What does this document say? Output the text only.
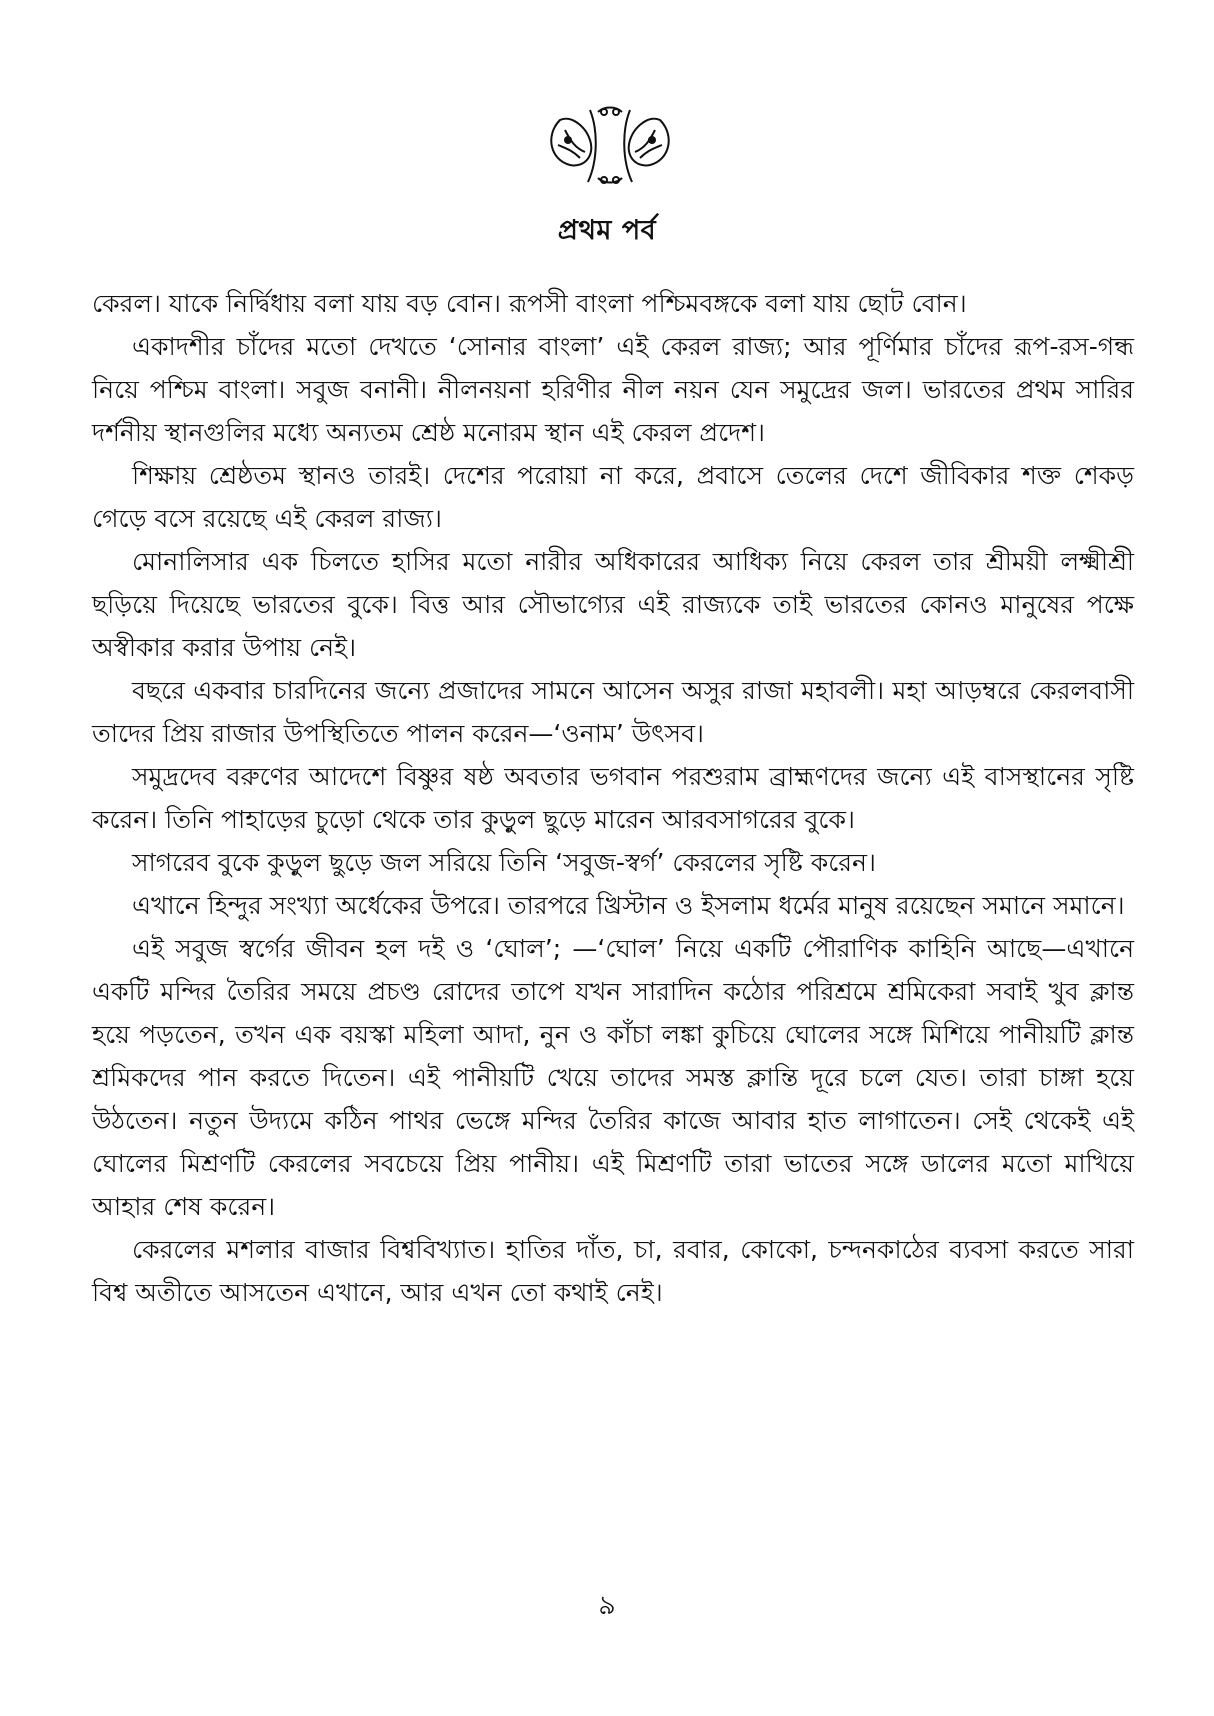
প্রথম পর্ব

কেরল। যাকে নির্দ্বিধায় বলা যায় বড় বোন। রূপসী বাংলা পশ্চিমবঙ্গকে বলা যায় ছোট বোন।

একাদশীর চাঁদের মতো দেখতে ‘সোনার বাংলা’ এই কেরল রাজ্য; আর পূর্ণিমার চাঁদের রূপ-রস-গন্ধ নিয়ে পশ্চিম বাংলা। সবুজ বনানী। নীলনয়না হরিণীর নীল নয়ন যেন সমুদ্রের জল। ভারতের প্রথম সারির দর্শনীয় স্থানগুলির মধ্যে অন্যতম শ্রেষ্ঠ মনোরম স্থান এই কেরল প্রদেশ।

শিক্ষায় শ্রেষ্ঠতম স্থানও তারই। দেশের পরোয়া না করে, প্রবাসে তেলের দেশে জীবিকার শক্ত শেকড় গেড়ে বসে রয়েছে এই কেরল রাজ্য।

মোনালিসার এক চিলতে হাসির মতো নারীর অধিকারের আধিক্য নিয়ে কেরল তার শ্রীময়ী লক্ষ্মীশ্রী ছড়িয়ে দিয়েছে ভারতের বুকে। বিত্ত আর সৌভাগ্যের এই রাজ্যকে তাই ভারতের কোনও মানুষের পক্ষে অস্বীকার করার উপায় নেই।

বছরে একবার চারদিনের জন্যে প্রজাদের সামনে আসেন অসুর রাজা মহাবলী। মহা আড়ম্বরে কেরলবাসী তাদের প্রিয় রাজার উপস্থিতিতে পালন করেন—‘ওনাম’ উৎসব।

সমুদ্রদেব বরুণের আদেশে বিষ্ণুর ষষ্ঠ অবতার ভগবান পরশুরাম ব্রাহ্মণদের জন্যে এই বাসস্থানের সৃষ্টি করেন। তিনি পাহাড়ের চুড়ো থেকে তার কুড়ুল ছুড়ে মারেন আরবসাগরের বুকে।

সাগরেব বুকে কুড়ুল ছুড়ে জল সরিয়ে তিনি ‘সবুজ-স্বর্গ’ কেরলের সৃষ্টি করেন।

এখানে হিন্দুর সংখ্যা অর্ধেকের উপরে। তারপরে খ্রিস্টান ও ইসলাম ধর্মের মানুষ রয়েছেন সমানে সমানে।

এই সবুজ স্বর্গের জীবন হল দই ও ‘ঘোল’; —‘ঘোল’ নিয়ে একটি পৌরাণিক কাহিনি আছে—এখানে একটি মন্দির তৈরির সময়ে প্রচণ্ড রোদের তাপে যখন সারাদিন কঠোর পরিশ্রমে শ্রমিকেরা সবাই খুব ক্লান্ত হয়ে পড়তেন, তখন এক বয়স্কা মহিলা আদা, নুন ও কাঁচা লঙ্কা কুচিয়ে ঘোলের সঙ্গে মিশিয়ে পানীয়টি ক্লান্ত শ্রমিকদের পান করতে দিতেন। এই পানীয়টি খেয়ে তাদের সমস্ত ক্লান্তি দূরে চলে যেত। তারা চাঙ্গা হয়ে উঠতেন। নতুন উদ্যমে কঠিন পাথর ভেঙ্গে মন্দির তৈরির কাজে আবার হাত লাগাতেন। সেই থেকেই এই ঘোলের মিশ্রণটি কেরলের সবচেয়ে প্রিয় পানীয়। এই মিশ্রণটি তারা ভাতের সঙ্গে ডালের মতো মাখিয়ে আহার শেষ করেন।

কেরলের মশলার বাজার বিশ্ববিখ্যাত। হাতির দাঁত, চা, রবার, কোকো, চন্দনকাঠের ব্যবসা করতে সারা বিশ্ব অতীতে আসতেন এখানে, আর এখন তো কথাই নেই।

৯
